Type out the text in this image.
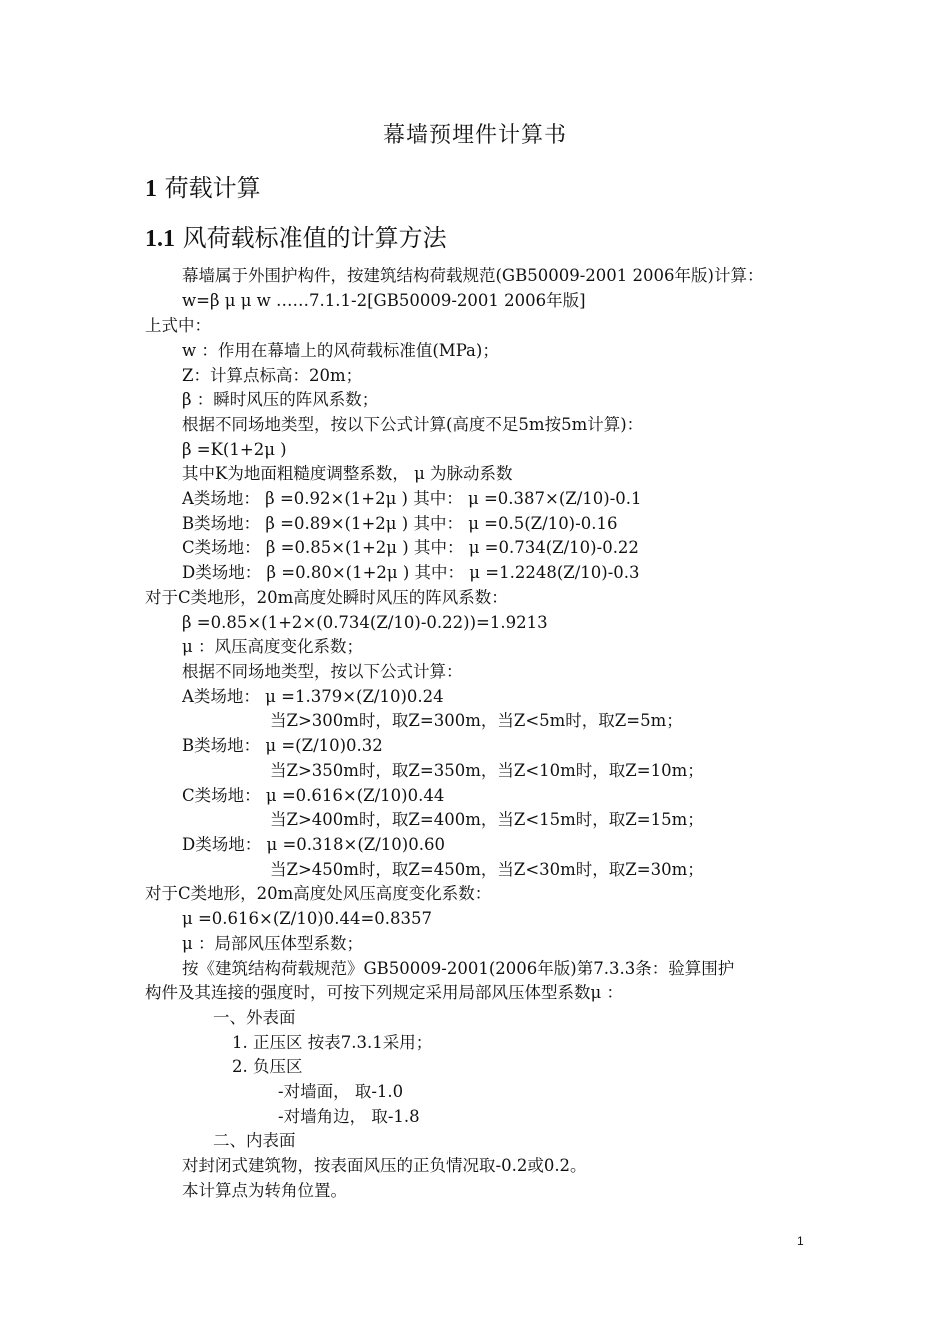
幕墙预埋件计算书
1 荷载计算
1.1 风荷载标准值的计算方法
幕墙属于外围护构件，按建筑结构荷载规范(GB50009-2001 2006年版)计算：
w=β μ μ w ……7.1.1-2[GB50009-2001 2006年版]
上式中：
w ：作用在幕墙上的风荷载标准值(MPa)；
Z：计算点标高：20m；
β ：瞬时风压的阵风系数；
根据不同场地类型，按以下公式计算(高度不足5m按5m计算)：
β =K(1+2μ )
其中K为地面粗糙度调整系数， μ 为脉动系数
A类场地： β =0.92×(1+2μ ) 其中： μ =0.387×(Z/10)-0.1
B类场地： β =0.89×(1+2μ ) 其中： μ =0.5(Z/10)-0.16
C类场地： β =0.85×(1+2μ ) 其中： μ =0.734(Z/10)-0.22
D类场地： β =0.80×(1+2μ ) 其中： μ =1.2248(Z/10)-0.3
对于C类地形，20m高度处瞬时风压的阵风系数：
β =0.85×(1+2×(0.734(Z/10)-0.22))=1.9213
μ ：风压高度变化系数；
根据不同场地类型，按以下公式计算：
A类场地： μ =1.379×(Z/10)0.24
当Z>300m时，取Z=300m，当Z<5m时，取Z=5m；
B类场地： μ =(Z/10)0.32
当Z>350m时，取Z=350m，当Z<10m时，取Z=10m；
C类场地： μ =0.616×(Z/10)0.44
当Z>400m时，取Z=400m，当Z<15m时，取Z=15m；
D类场地： μ =0.318×(Z/10)0.60
当Z>450m时，取Z=450m，当Z<30m时，取Z=30m；
对于C类地形，20m高度处风压高度变化系数：
μ =0.616×(Z/10)0.44=0.8357
μ ：局部风压体型系数；
按《建筑结构荷载规范》GB50009-2001(2006年版)第7.3.3条：验算围护
构件及其连接的强度时，可按下列规定采用局部风压体型系数μ ：
一、外表面
1. 正压区 按表7.3.1采用；
2. 负压区
-对墙面， 取-1.0
-对墙角边， 取-1.8
二、内表面
对封闭式建筑物，按表面风压的正负情况取-0.2或0.2。
本计算点为转角位置。
1
